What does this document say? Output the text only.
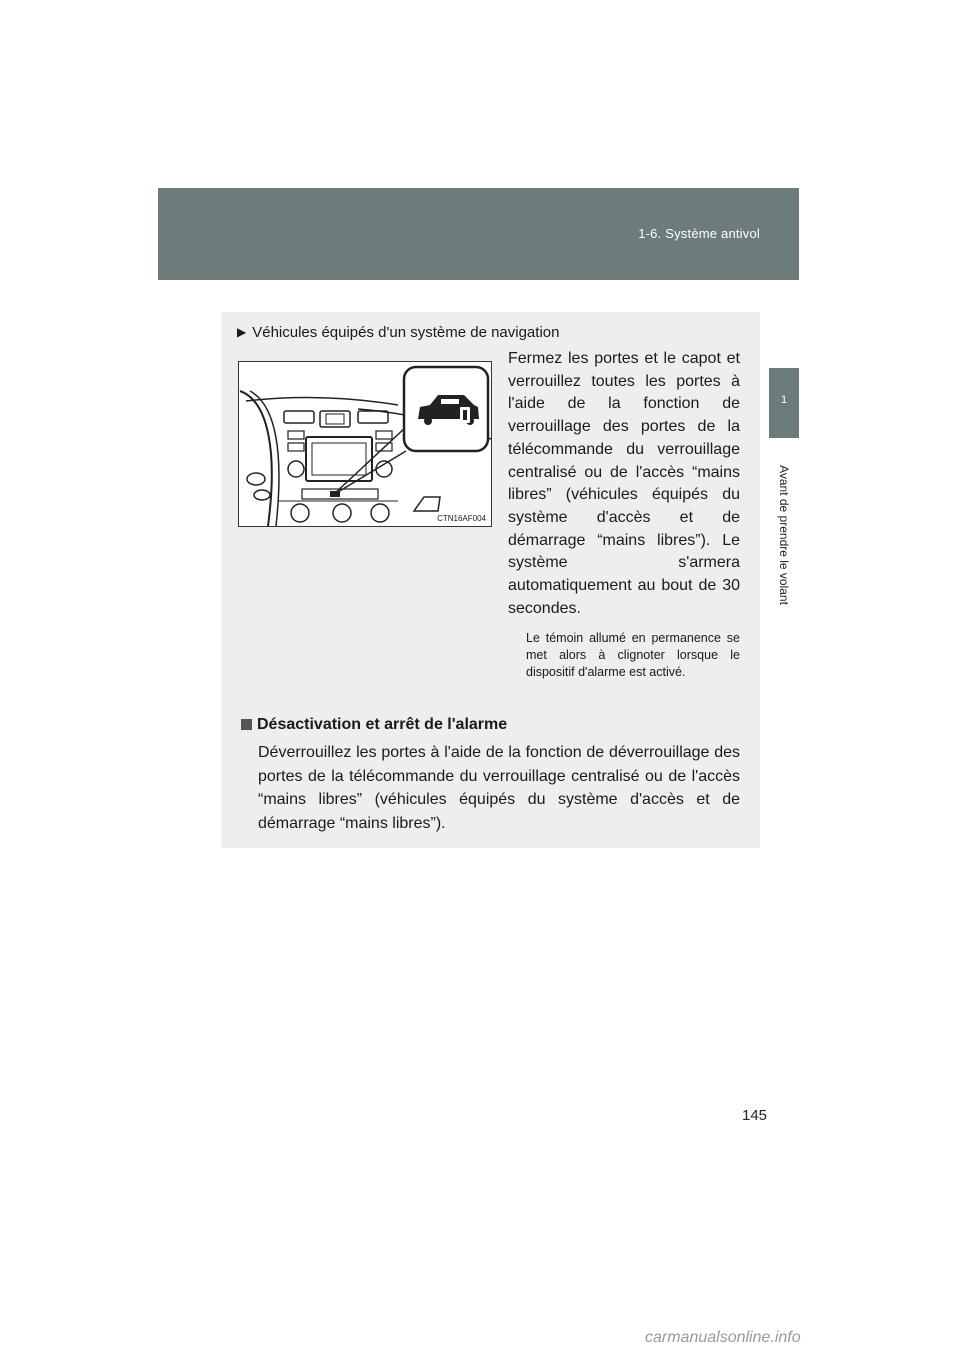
1-6. Système antivol
1
Avant de prendre le volant
▶ Véhicules équipés d'un système de navigation
CTN16AF004
Fermez les portes et le capot et verrouillez toutes les portes à l'aide de la fonction de verrouillage des portes de la télécommande du verrouillage centralisé ou de l'accès “mains libres” (véhicules équipés du système d'accès et de démarrage “mains libres”). Le système s'armera automatiquement au bout de 30 secondes.
Le témoin allumé en permanence se met alors à clignoter lorsque le dispositif d'alarme est activé.
Désactivation et arrêt de l'alarme
Déverrouillez les portes à l'aide de la fonction de déverrouillage des portes de la télécommande du verrouillage centralisé ou de l'accès “mains libres” (véhicules équipés du système d'accès et de démarrage “mains libres”).
145
carmanualsonline.info
